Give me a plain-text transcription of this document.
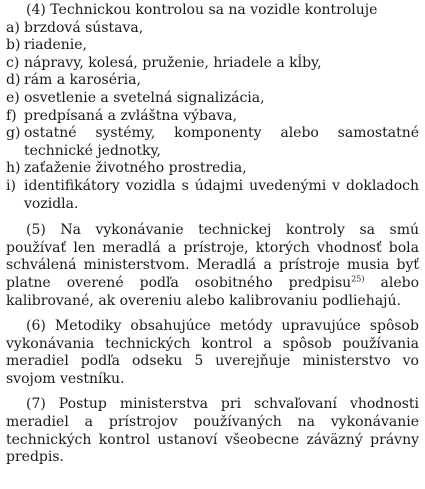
(4) Technickou kontrolou sa na vozidle kontroluje

a) brzdová sústava,
b) riadenie,
c) nápravy, kolesá, pruženie, hriadele a kĺby,
d) rám a karoséria,
e) osvetlenie a svetelná signalizácia,
f) predpísaná a zvláštna výbava,
g) ostatné systémy, komponenty alebo samostatné technické jednotky,
h) zaťaženie životného prostredia,
i) identifikátory vozidla s údajmi uvedenými v dokladoch vozidla.

(5) Na vykonávanie technickej kontroly sa smú používať len meradlá a prístroje, ktorých vhodnosť bola schválená ministerstvom. Meradlá a prístroje musia byť platne overené podľa osobitného predpisu$^{25)}$ alebo kalibrované, ak overeniu alebo kalibrovaniu podliehajú.

(6) Metodiky obsahujúce metódy upravujúce spôsob vykonávania technických kontrol a spôsob používania meradiel podľa odseku 5 uverejňuje ministerstvo vo svojom vestníku.

(7) Postup ministerstva pri schvaľovaní vhodnosti meradiel a prístrojov používaných na vykonávanie technických kontrol ustanoví všeobecne záväzný právny predpis.
